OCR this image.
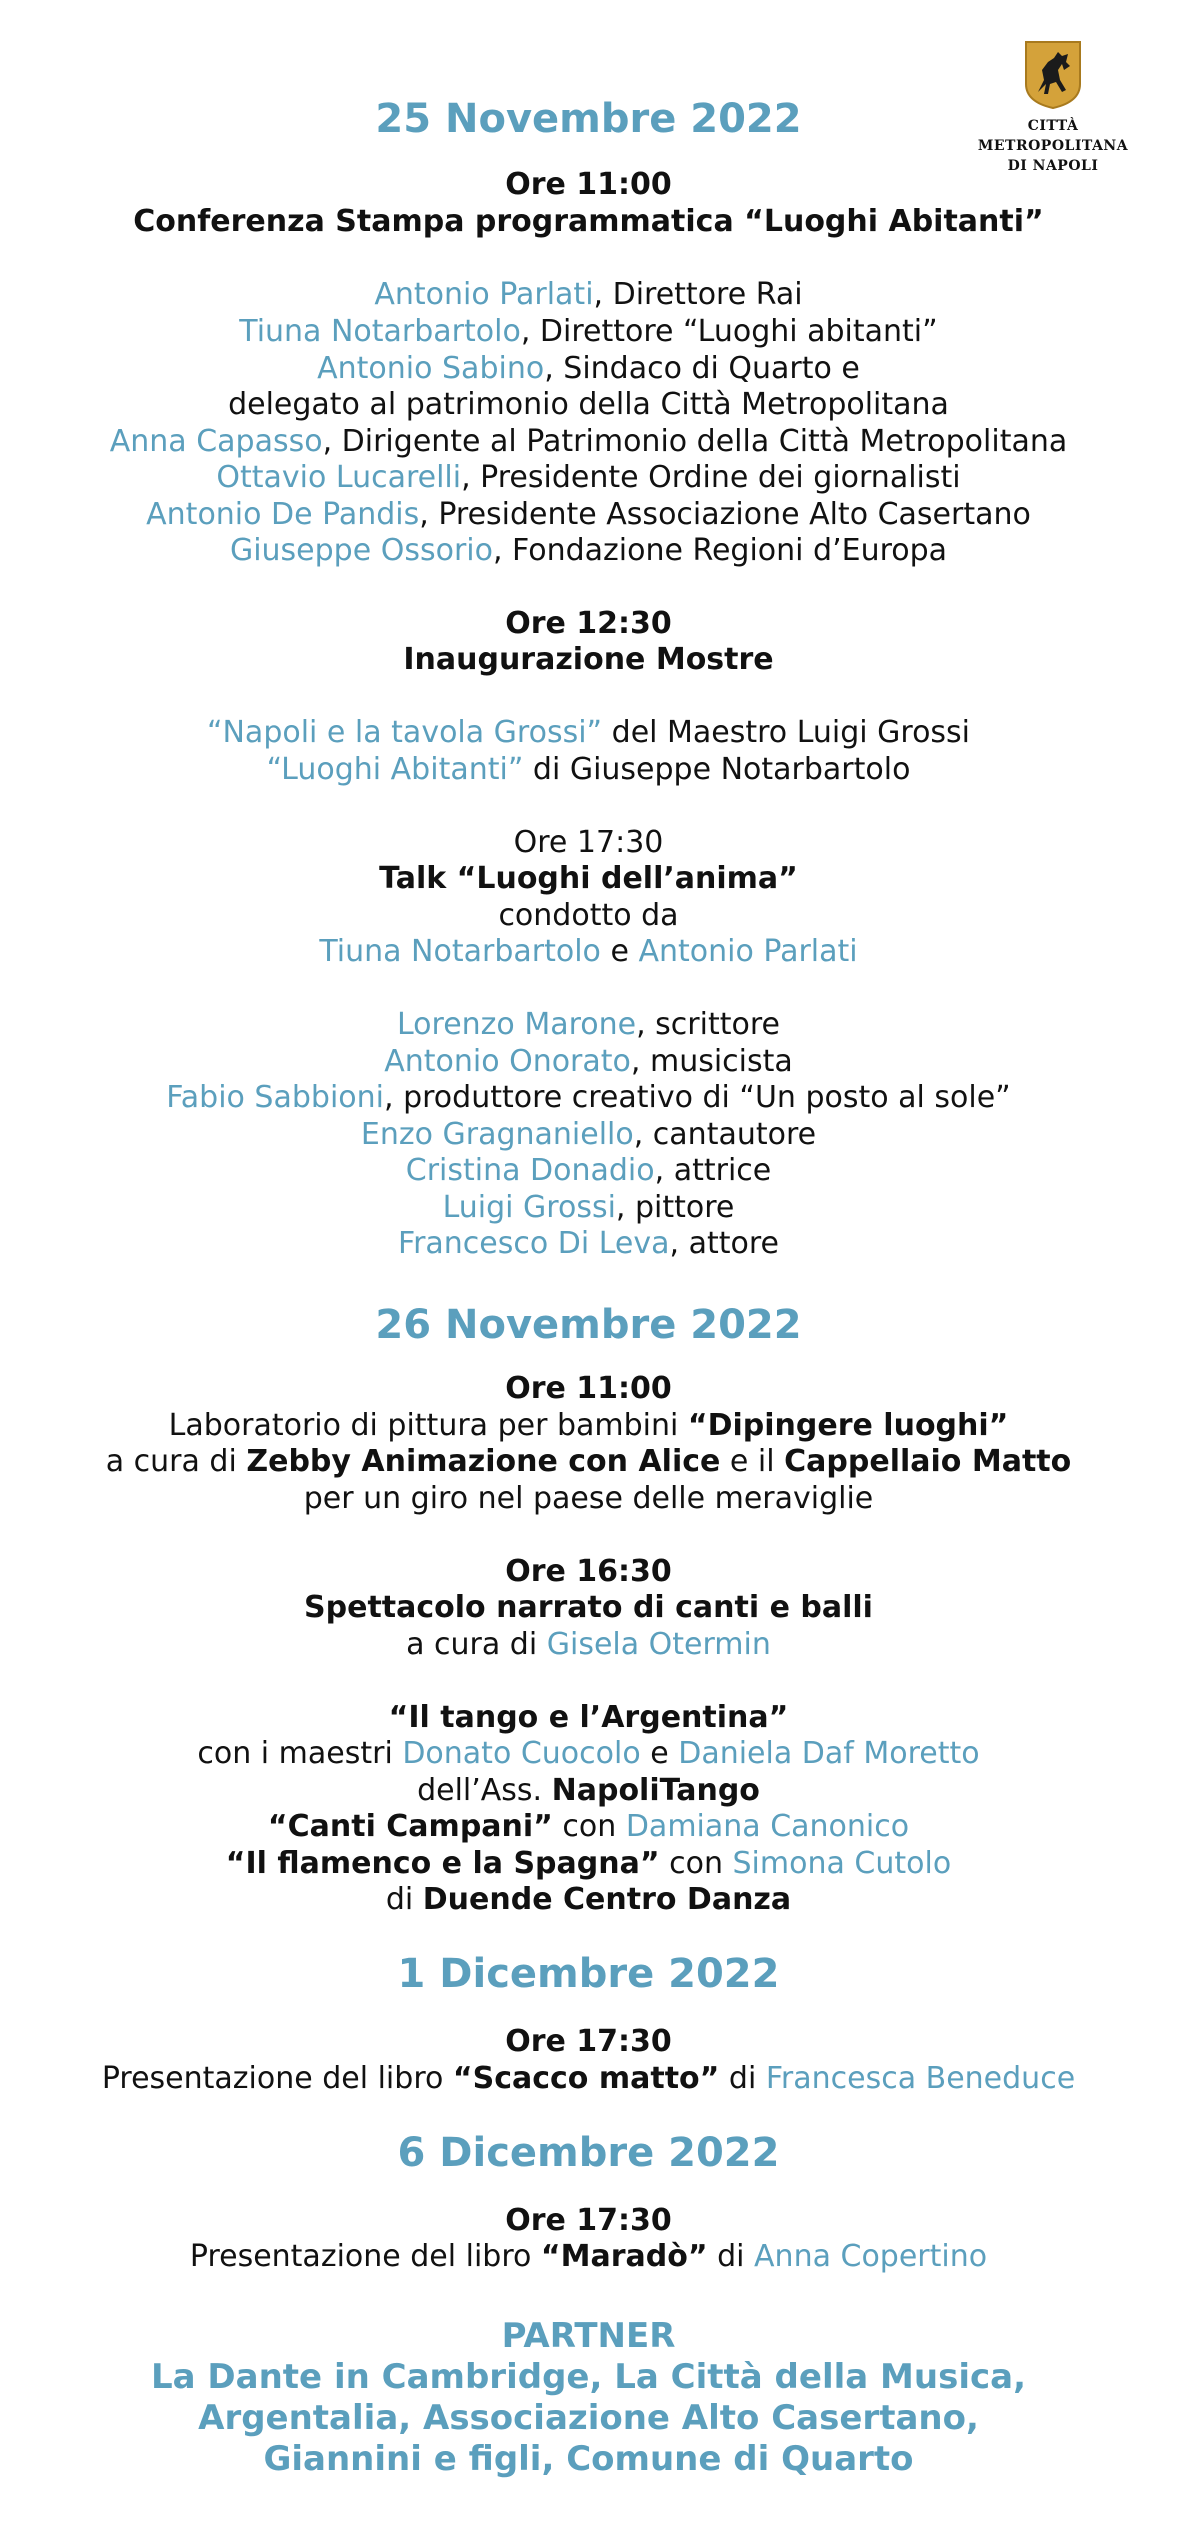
CITTÀ METROPOLITANA
DI NAPOLI
25 Novembre 2022
Ore 11:00
Conferenza Stampa programmatica “Luoghi Abitanti”
Antonio Parlati, Direttore Rai
Tiuna Notarbartolo, Direttore “Luoghi abitanti”
Antonio Sabino, Sindaco di Quarto e
delegato al patrimonio della Città Metropolitana
Anna Capasso, Dirigente al Patrimonio della Città Metropolitana
Ottavio Lucarelli, Presidente Ordine dei giornalisti
Antonio De Pandis, Presidente Associazione Alto Casertano
Giuseppe Ossorio, Fondazione Regioni d’Europa
Ore 12:30
Inaugurazione Mostre
“Napoli e la tavola Grossi” del Maestro Luigi Grossi
“Luoghi Abitanti” di Giuseppe Notarbartolo
Ore 17:30
Talk “Luoghi dell’anima”
condotto da
Tiuna Notarbartolo e Antonio Parlati
Lorenzo Marone, scrittore
Antonio Onorato, musicista
Fabio Sabbioni, produttore creativo di “Un posto al sole”
Enzo Gragnaniello, cantautore
Cristina Donadio, attrice
Luigi Grossi, pittore
Francesco Di Leva, attore
26 Novembre 2022
Ore 11:00
Laboratorio di pittura per bambini “Dipingere luoghi”
a cura di Zebby Animazione con Alice e il Cappellaio Matto
per un giro nel paese delle meraviglie
Ore 16:30
Spettacolo narrato di canti e balli
a cura di Gisela Otermin
“Il tango e l’Argentina”
con i maestri Donato Cuocolo e Daniela Daf Moretto
dell’Ass. NapoliTango
“Canti Campani” con Damiana Canonico
“Il flamenco e la Spagna” con Simona Cutolo
di Duende Centro Danza
1 Dicembre 2022
Ore 17:30
Presentazione del libro “Scacco matto” di Francesca Beneduce
6 Dicembre 2022
Ore 17:30
Presentazione del libro “Maradò” di Anna Copertino
PARTNER
La Dante in Cambridge, La Città della Musica,
Argentalia, Associazione Alto Casertano,
Giannini e figli, Comune di Quarto
